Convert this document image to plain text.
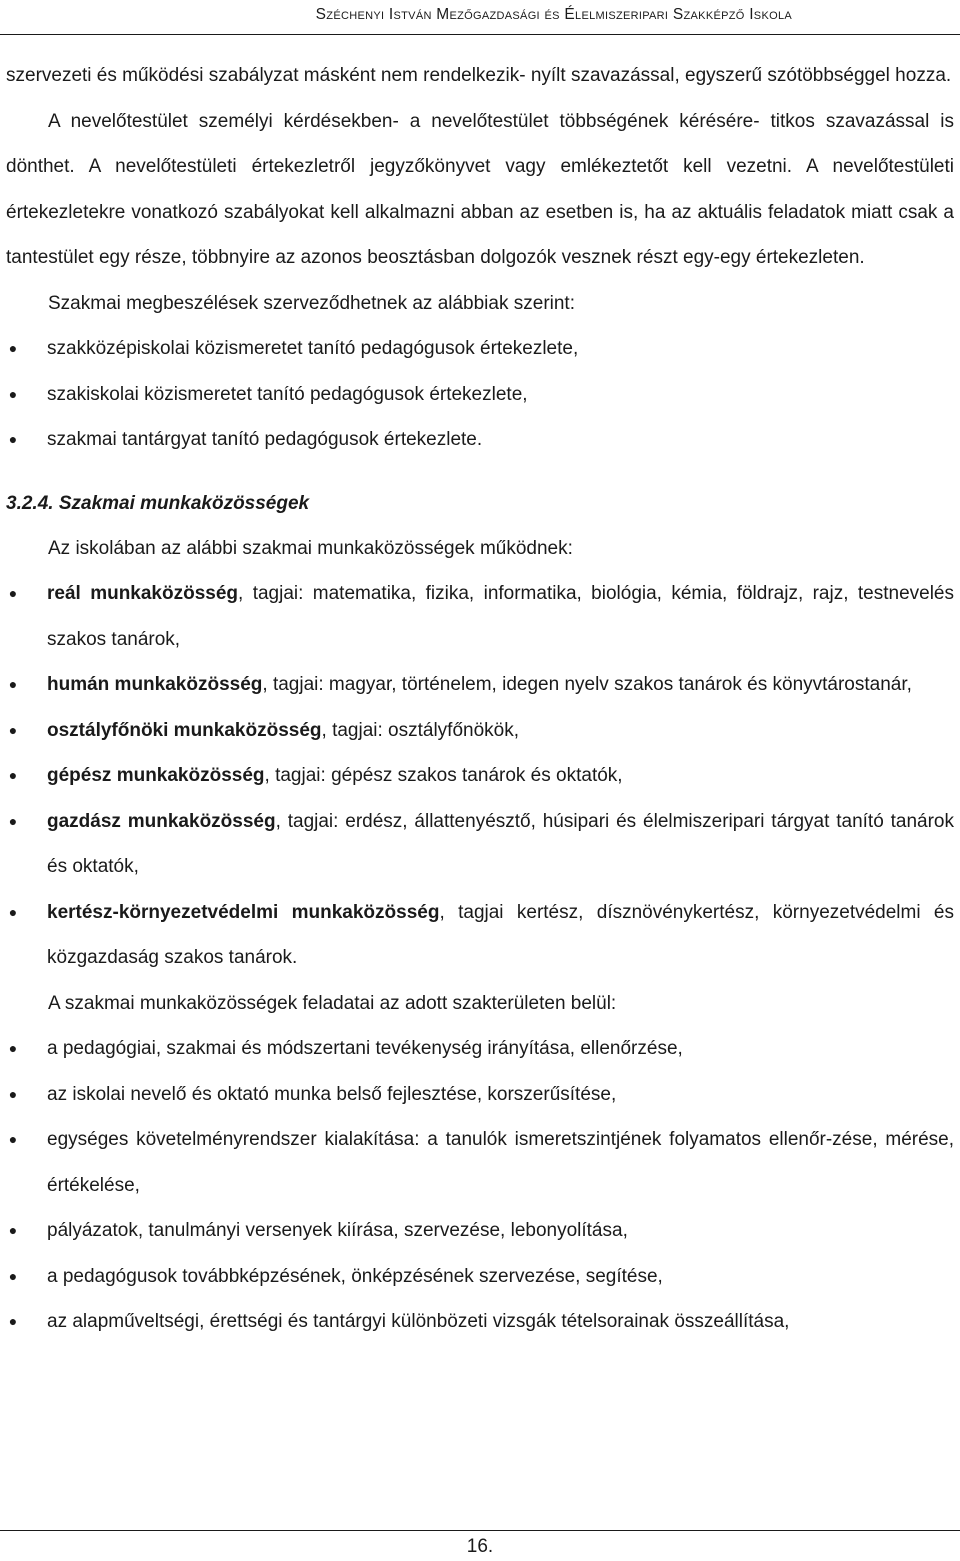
Széchenyi István Mezőgazdasági és Élelmiszeripari Szakképző Iskola

szervezeti és működési szabályzat másként nem rendelkezik- nyílt szavazással, egyszerű szótöbbséggel hozza.

A nevelőtestület személyi kérdésekben- a nevelőtestület többségének kérésére- titkos szavazással is dönthet. A nevelőtestületi értekezletről jegyzőkönyvet vagy emlékeztetőt kell vezetni. A nevelőtestületi értekezletekre vonatkozó szabályokat kell alkalmazni abban az esetben is, ha az aktuális feladatok miatt csak a tantestület egy része, többnyire az azonos beosztásban dolgozók vesznek részt egy-egy értekezleten.

Szakmai megbeszélések szerveződhetnek az alábbiak szerint:

● szakközépiskolai közismeretet tanító pedagógusok értekezlete,
● szakiskolai közismeretet tanító pedagógusok értekezlete,
● szakmai tantárgyat tanító pedagógusok értekezlete.

3.2.4. Szakmai munkaközösségek

Az iskolában az alábbi szakmai munkaközösségek működnek:

● reál munkaközösség, tagjai: matematika, fizika, informatika, biológia, kémia, földrajz, rajz, testnevelés szakos tanárok,
● humán munkaközösség, tagjai: magyar, történelem, idegen nyelv szakos tanárok és könyvtárostanár,
● osztályfőnöki munkaközösség, tagjai: osztályfőnökök,
● gépész munkaközösség, tagjai: gépész szakos tanárok és oktatók,
● gazdász munkaközösség, tagjai: erdész, állattenyésztő, húsipari és élelmiszeripari tárgyat tanító tanárok és oktatók,
● kertész-környezetvédelmi munkaközösség, tagjai kertész, dísznövénykertész, környezetvédelmi és közgazdaság szakos tanárok.

A szakmai munkaközösségek feladatai az adott szakterületen belül:

● a pedagógiai, szakmai és módszertani tevékenység irányítása, ellenőrzése,
● az iskolai nevelő és oktató munka belső fejlesztése, korszerűsítése,
● egységes követelményrendszer kialakítása: a tanulók ismeretszintjének folyamatos ellenőr-zése, mérése, értékelése,
● pályázatok, tanulmányi versenyek kiírása, szervezése, lebonyolítása,
● a pedagógusok továbbképzésének, önképzésének szervezése, segítése,
● az alapműveltségi, érettségi és tantárgyi különbözeti vizsgák tételsorainak összeállítása,
16.
